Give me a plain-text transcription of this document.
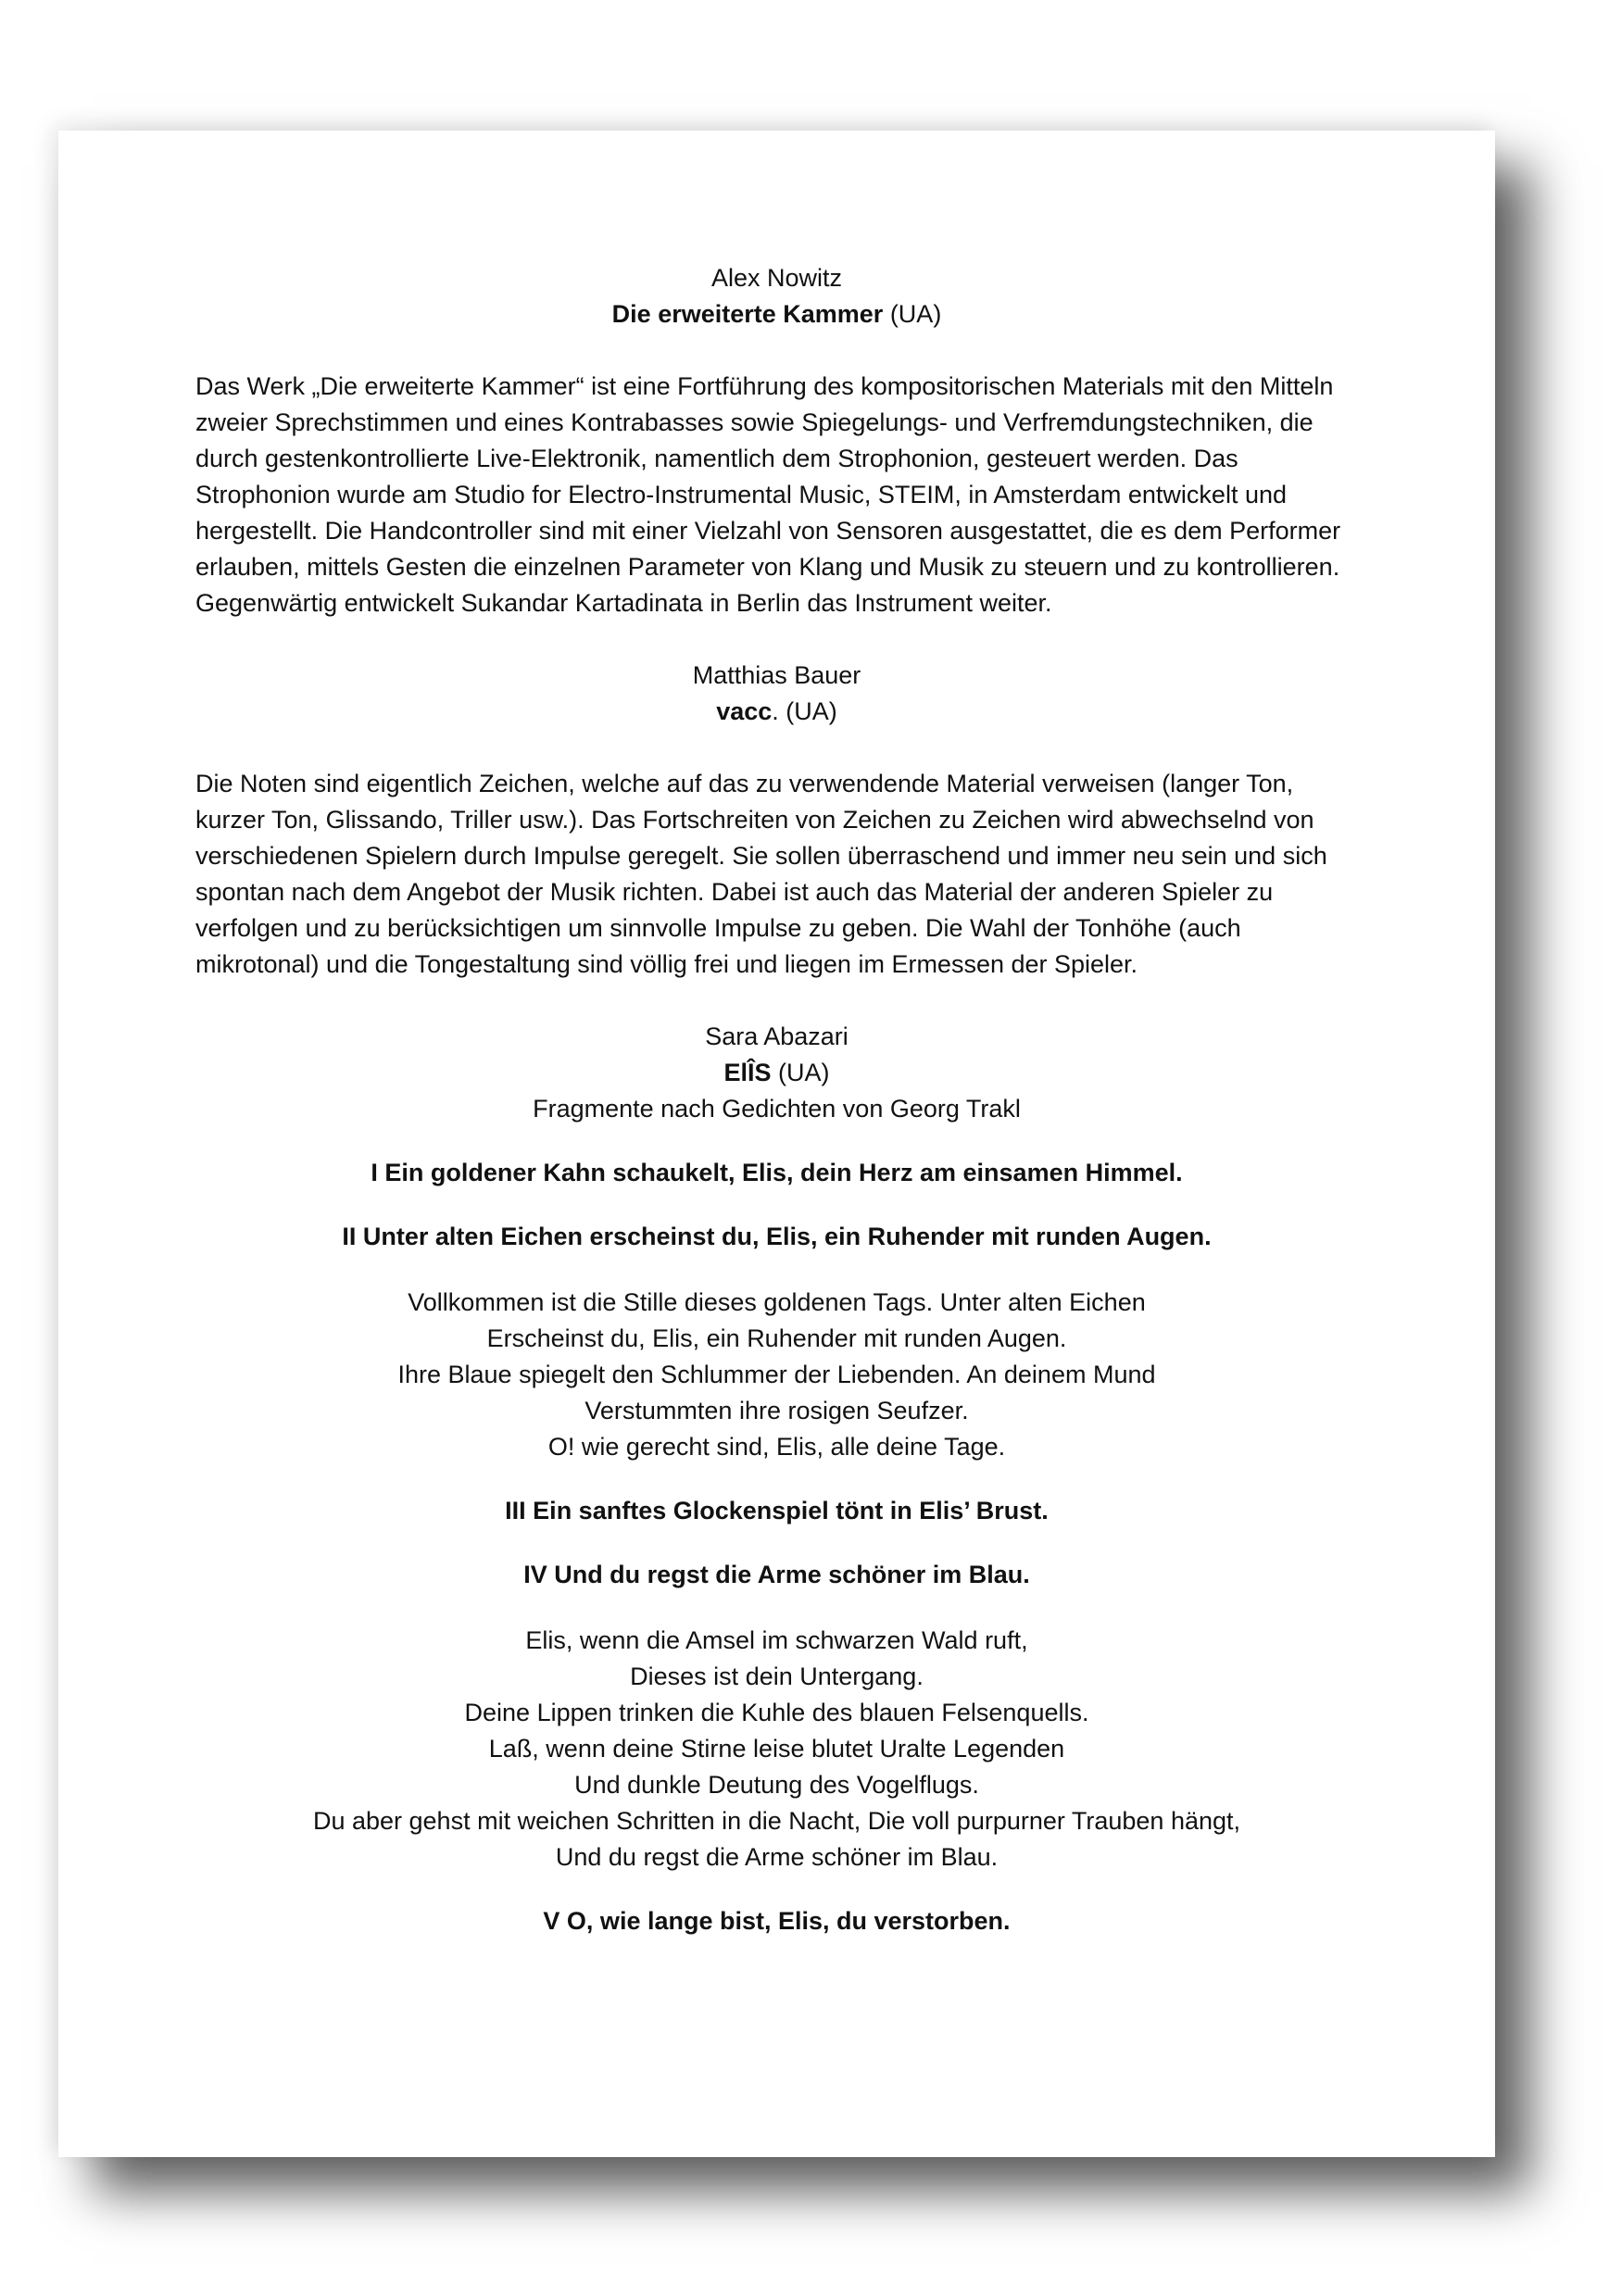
Alex Nowitz
Die erweiterte Kammer (UA)

Das Werk „Die erweiterte Kammer“ ist eine Fortführung des kompositorischen Materials mit den Mitteln zweier Sprechstimmen und eines Kontrabasses sowie Spiegelungs- und Verfremdungstechniken, die durch gestenkontrollierte Live-Elektronik, namentlich dem Strophonion, gesteuert werden. Das Strophonion wurde am Studio for Electro-Instrumental Music, STEIM, in Amsterdam entwickelt und hergestellt. Die Handcontroller sind mit einer Vielzahl von Sensoren ausgestattet, die es dem Performer erlauben, mittels Gesten die einzelnen Parameter von Klang und Musik zu steuern und zu kontrollieren. Gegenwärtig entwickelt Sukandar Kartadinata in Berlin das Instrument weiter.

Matthias Bauer
vacc. (UA)

Die Noten sind eigentlich Zeichen, welche auf das zu verwendende Material verweisen (langer Ton, kurzer Ton, Glissando, Triller usw.). Das Fortschreiten von Zeichen zu Zeichen wird abwechselnd von verschiedenen Spielern durch Impulse geregelt. Sie sollen überraschend und immer neu sein und sich spontan nach dem Angebot der Musik richten. Dabei ist auch das Material der anderen Spieler zu verfolgen und zu berücksichtigen um sinnvolle Impulse zu geben. Die Wahl der Tonhöhe (auch mikrotonal) und die Tongestaltung sind völlig frei und liegen im Ermessen der Spieler.

Sara Abazari
ElÎS (UA)
Fragmente nach Gedichten von Georg Trakl
I Ein goldener Kahn schaukelt, Elis, dein Herz am einsamen Himmel.
II Unter alten Eichen erscheinst du, Elis, ein Ruhender mit runden Augen.
Vollkommen ist die Stille dieses goldenen Tags. Unter alten Eichen
Erscheinst du, Elis, ein Ruhender mit runden Augen.
Ihre Blaue spiegelt den Schlummer der Liebenden. An deinem Mund
Verstummten ihre rosigen Seufzer.
O! wie gerecht sind, Elis, alle deine Tage.
III Ein sanftes Glockenspiel tönt in Elis’ Brust.
IV Und du regst die Arme schöner im Blau.
Elis, wenn die Amsel im schwarzen Wald ruft,
Dieses ist dein Untergang.
Deine Lippen trinken die Kuhle des blauen Felsenquells.
Laß, wenn deine Stirne leise blutet Uralte Legenden
Und dunkle Deutung des Vogelflugs.
Du aber gehst mit weichen Schritten in die Nacht, Die voll purpurner Trauben hängt,
Und du regst die Arme schöner im Blau.
V O, wie lange bist, Elis, du verstorben.
